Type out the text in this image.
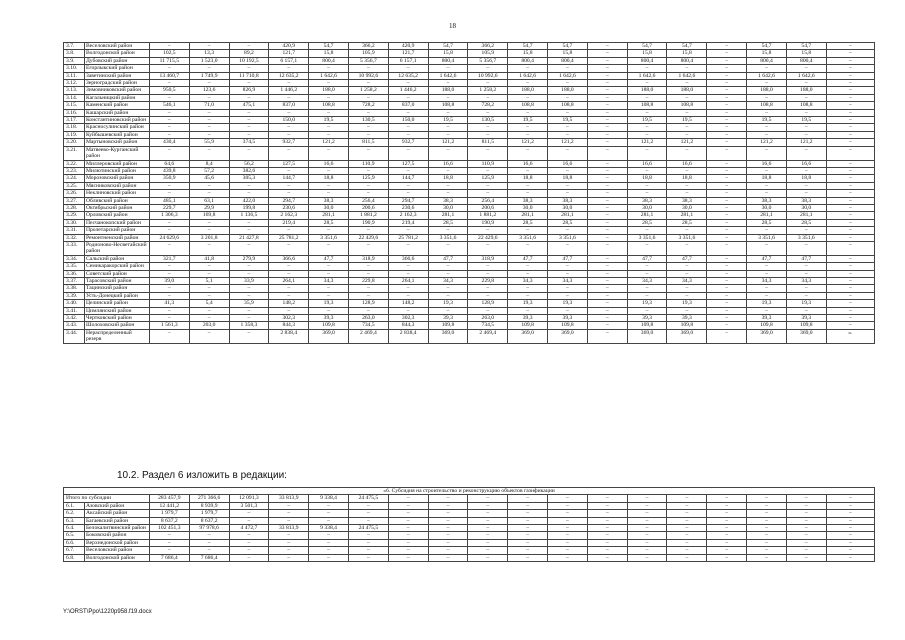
18
3.7.	Веселовский район	–	–	–	420,9	54,7	366,2	420,9	54,7	366,2	54,7	54,7	–	54,7	54,7	–	54,7	54,7	–
3.8.	Волгодонской район	102,5	13,3	89,2	121,7	15,8	105,9	121,7	15,8	105,9	15,8	15,8	–	15,8	15,8	–	15,8	15,8	–
3.9.	Дубовский район	11 715,5	1 523,0	10 192,5	6 157,1	800,4	5 356,7	6 157,1	800,4	5 356,7	800,4	800,4	–	800,4	800,4	–	800,4	800,4	–
3.10.	Егорлыкский район	–	–	–	–	–	–	–	–	–	–	–	–	–	–	–	–	–	–
3.11.	Заветинский район	13 460,7	1 749,9	11 710,8	12 635,2	1 642,6	10 992,6	12 635,2	1 642,6	10 992,6	1 642,6	1 642,6	–	1 642,6	1 642,6	–	1 642,6	1 642,6	–
3.12.	Зерноградский район	–	–	–	–	–	–	–	–	–	–	–	–	–	–	–	–	–	–
3.13.	Зимовниковский район	950,5	123,6	826,9	1 446,2	188,0	1 258,2	1 446,2	188,0	1 258,2	188,0	188,0	–	188,0	188,0	–	188,0	188,0	–
3.14.	Кагальницкий район	–	–	–	–	–	–	–	–	–	–	–	–	–	–	–	–	–	–
3.15.	Каменский район	546,1	71,0	475,1	837,0	108,8	728,2	837,0	108,8	728,2	108,8	108,8	–	108,8	108,8	–	108,8	108,8	–
3.16.	Кашарский район	–	–	–	–	–	–	–	–	–	–	–	–	–	–	–	–	–	–
3.17.	Константиновский район	–	–	–	150,0	19,5	130,5	150,0	19,5	130,5	19,5	19,5	–	19,5	19,5	–	19,5	19,5	–
3.18.	Красносулинский район	–	–	–	–	–	–	–	–	–	–	–	–	–	–	–	–	–	–
3.19.	Куйбышевский район	–	–	–	–	–	–	–	–	–	–	–	–	–	–	–	–	–	–
3.20.	Мартыновский район	430,4	55,9	374,5	932,7	121,2	811,5	932,7	121,2	811,5	121,2	121,2	–	121,2	121,2	–	121,2	121,2	–
3.21.	Матвеево-Курганский район	–	–	–	–	–	–	–	–	–	–	–	–	–	–	–	–	–	–
3.22.	Миллеровский район	64,6	8,4	56,2	127,5	16,6	110,9	127,5	16,6	110,9	16,6	16,6	–	16,6	16,6	–	16,6	16,6	–
3.23.	Милютинский район	439,8	57,2	382,6	–	–	–	–	–	–	–	–	–	–	–	–	–	–	–
3.24.	Морозовский район	350,9	45,6	305,3	144,7	18,8	125,9	144,7	18,8	125,9	18,8	18,8	–	18,8	18,8	–	18,8	18,8	–
3.25.	Мясниковский район	–	–	–	–	–	–	–	–	–	–	–	–	–	–	–	–	–	–
3.26.	Неклиновский район	–	–	–	–	–	–	–	–	–	–	–	–	–	–	–	–	–	–
3.27.	Обливский район	485,1	63,1	422,0	294,7	38,3	256,4	294,7	38,3	256,4	38,3	38,3	–	38,3	38,3	–	38,3	38,3	–
3.28.	Октябрьский район	229,7	29,9	199,8	230,6	30,0	200,6	230,6	30,0	200,6	30,0	30,0	–	30,0	30,0	–	30,0	30,0	–
3.29.	Орловский район	1 306,3	169,8	1 136,5	2 162,3	281,1	1 881,2	2 162,3	281,1	1 881,2	281,1	281,1	–	281,1	281,1	–	281,1	281,1	–
3.30.	Песчанокопский район	–	–	–	219,4	28,5	190,9	219,4	28,5	190,9	28,5	28,5	–	28,5	28,5	–	28,5	28,5	–
3.31.	Пролетарский район	–	–	–	–	–	–	–	–	–	–	–	–	–	–	–	–	–	–
3.32.	Ремонтненский район	24 629,6	3 201,8	21 427,8	25 781,2	3 351,6	22 429,6	25 781,2	3 351,6	22 429,6	3 351,6	3 351,6	–	3 351,6	3 351,6	–	3 351,6	3 351,6	–
3.33.	Родионово-Несветайский район	–	–	–	–	–	–	–	–	–	–	–	–	–	–	–	–	–	–
3.34.	Сальский район	321,7	41,8	279,9	366,6	47,7	318,9	366,6	47,7	318,9	47,7	47,7	–	47,7	47,7	–	47,7	47,7	–
3.35.	Семикаракорский район	–	–	–	–	–	–	–	–	–	–	–	–	–	–	–	–	–	–
3.36.	Советский район	–	–	–	–	–	–	–	–	–	–	–	–	–	–	–	–	–	–
3.37.	Тарасовский район	39,0	5,1	33,9	264,1	34,3	229,8	264,1	34,3	229,8	34,3	34,3	–	34,3	34,3	–	34,3	34,3	–
3.38.	Тацинский район	–	–	–	–	–	–	–	–	–	–	–	–	–	–	–	–	–	–
3.39.	Усть-Донецкий район	–	–	–	–	–	–	–	–	–	–	–	–	–	–	–	–	–	–
3.40.	Целинский район	41,3	5,4	35,9	148,2	19,3	128,9	148,2	19,3	128,9	19,3	19,3	–	19,3	19,3	–	19,3	19,3	–
3.41.	Цимлянский район	–	–	–	–	–	–	–	–	–	–	–	–	–	–	–	–	–	–
3.42.	Чертковский район	–	–	–	302,3	39,3	263,0	302,3	39,3	263,0	39,3	39,3	–	39,3	39,3	–	39,3	39,3	–
3.43.	Шолоховский район	1 561,3	203,0	1 358,3	844,3	109,8	734,5	844,3	109,8	734,5	109,8	109,8	–	109,8	109,8	–	109,8	109,8	–
3.44.	Нераспределенный резерв	–	–	–	2 838,4	369,0	2 469,4	2 838,4	369,0	2 469,4	369,0	369,0	–	369,0	369,0	–	369,0	369,0	».
10.2. Раздел 6 изложить в редакции:
«6. Субсидия на строительство и реконструкцию объектов газификации																			
Итого по субсидии		283 457,9	271 366,6	12 091,3	33 813,9	9 338,4	24 475,5	–	–	–	–	–	–	–	–	–	–	–	–
6.1.	Азовский район	12 441,2	8 939,9	3 501,3	–	–	–	–	–	–	–	–	–	–	–	–	–	–	–
6.2.	Аксайский район	1 979,7	1 979,7	–	–	–	–	–	–	–	–	–	–	–	–	–	–	–	–
6.3.	Багаевский район	8 637,2	8 637,2	–	–	–	–	–	–	–	–	–	–	–	–	–	–	–	–
6.4.	Белокалитвинский район	102 451,3	97 978,6	4 472,7	33 813,9	9 338,4	24 475,5	–	–	–	–	–	–	–	–	–	–	–	–
6.5.	Боковский район	–	–	–	–	–	–	–	–	–	–	–	–	–	–	–	–	–	–
6.6.	Верхнедонской район	–	–	–	–	–	–	–	–	–	–	–	–	–	–	–	–	–	–
6.7.	Веселовский район	–	–	–	–	–	–	–	–	–	–	–	–	–	–	–	–	–	–
6.8.	Волгодонской район	7 686,4	7 686,4	–	–	–	–	–	–	–	–	–	–	–	–	–	–	–	–
Y:\ORST\Ppo\1220p958.f19.docx
